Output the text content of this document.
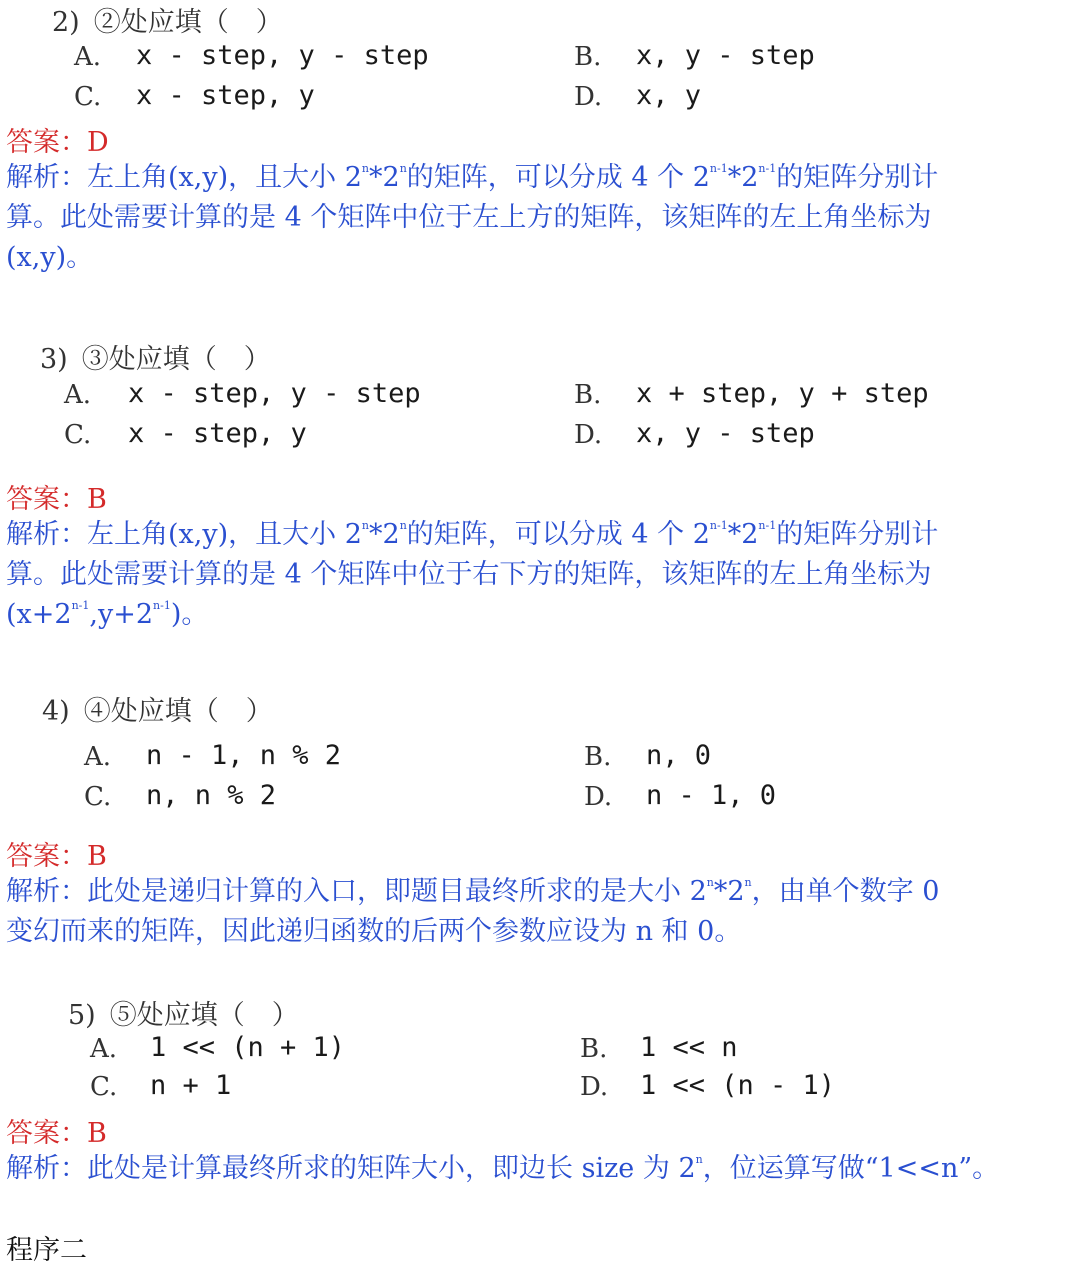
2) ②处应填（　）
A. x - step, y - step	B. x, y - step
C. x - step, y	D. x, y
答案：D
解析：左上角(x,y)，且大小 2$^n$*2$^n$的矩阵，可以分成 4 个 2$^{n-1}$*2$^{n-1}$的矩阵分别计
算。此处需要计算的是 4 个矩阵中位于左上方的矩阵，该矩阵的左上角坐标为
(x,y)。
3) ③处应填（　）
A. x - step, y - step	B. x + step, y + step
C. x - step, y	D. x, y - step
答案：B
解析：左上角(x,y)，且大小 2$^n$*2$^n$的矩阵，可以分成 4 个 2$^{n-1}$*2$^{n-1}$的矩阵分别计
算。此处需要计算的是 4 个矩阵中位于右下方的矩阵，该矩阵的左上角坐标为
$(x+2^{n-1},y+2^{n-1})$。
4) ④处应填（　）
A. n - 1, n % 2	B. n, 0
C. n, n % 2	D. n - 1, 0
答案：B
解析：此处是递归计算的入口，即题目最终所求的是大小 2$^n$*2$^n$，由单个数字 0
变幻而来的矩阵，因此递归函数的后两个参数应设为 n 和 0。
5) ⑤处应填（　）
A. 1 << (n + 1)	B. 1 << n
C. n + 1	D. 1 << (n - 1)
答案：B
解析：此处是计算最终所求的矩阵大小，即边长 size 为 2$^n$，位运算写做“1<<n”。
程序二
